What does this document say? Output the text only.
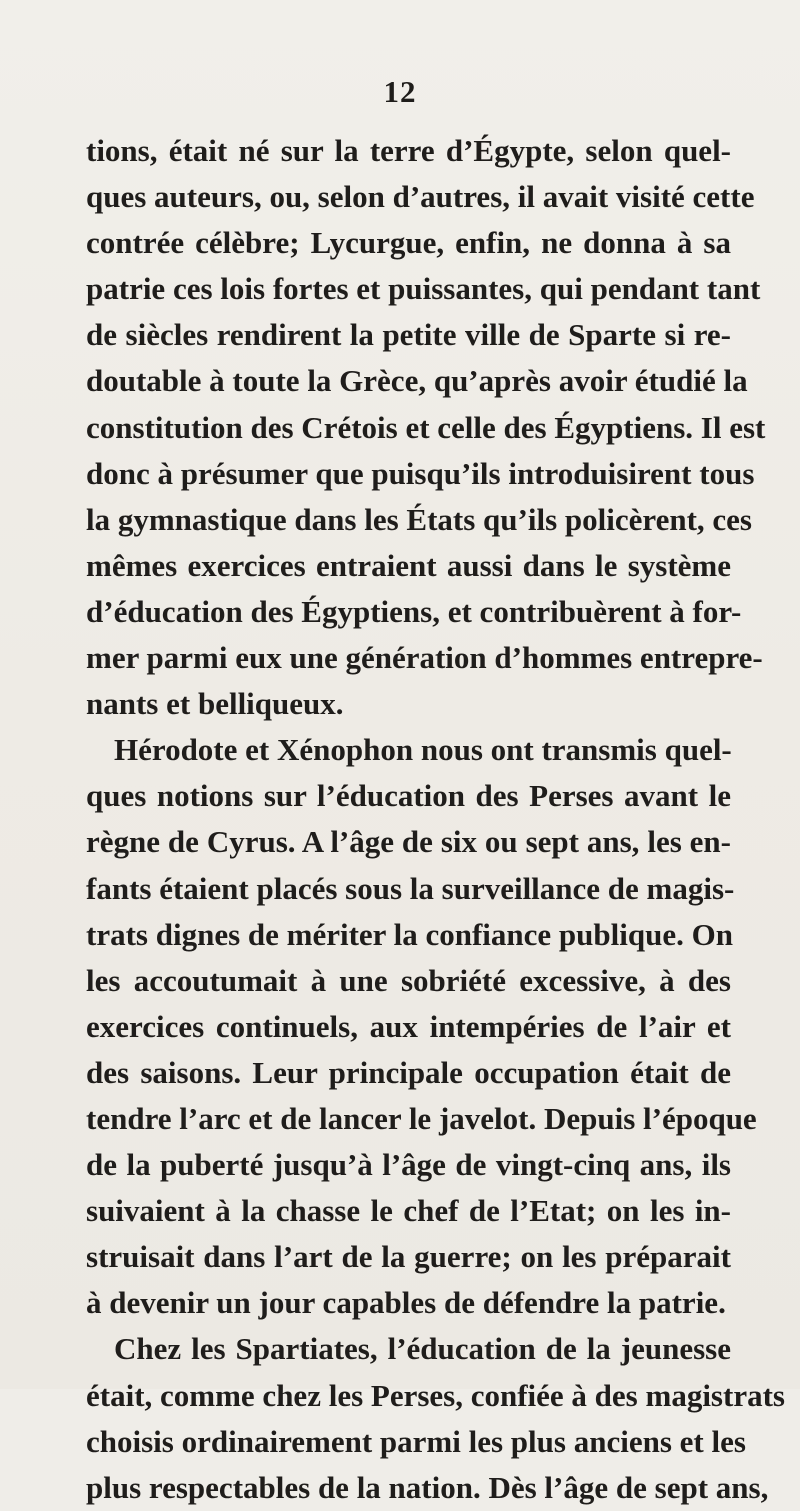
12
tions, était né sur la terre d’Égypte, selon quel-
ques auteurs, ou, selon d’autres, il avait visité cette
contrée célèbre; Lycurgue, enfin, ne donna à sa
patrie ces lois fortes et puissantes, qui pendant tant
de siècles rendirent la petite ville de Sparte si re-
doutable à toute la Grèce, qu’après avoir étudié la
constitution des Crétois et celle des Égyptiens. Il est
donc à présumer que puisqu’ils introduisirent tous
la gymnastique dans les États qu’ils policèrent, ces
mêmes exercices entraient aussi dans le système
d’éducation des Égyptiens, et contribuèrent à for-
mer parmi eux une génération d’hommes entrepre-
nants et belliqueux.
Hérodote et Xénophon nous ont transmis quel-
ques notions sur l’éducation des Perses avant le
règne de Cyrus. A l’âge de six ou sept ans, les en-
fants étaient placés sous la surveillance de magis-
trats dignes de mériter la confiance publique. On
les accoutumait à une sobriété excessive, à des
exercices continuels, aux intempéries de l’air et
des saisons. Leur principale occupation était de
tendre l’arc et de lancer le javelot. Depuis l’époque
de la puberté jusqu’à l’âge de vingt-cinq ans, ils
suivaient à la chasse le chef de l’Etat; on les in-
struisait dans l’art de la guerre; on les préparait
à devenir un jour capables de défendre la patrie.
Chez les Spartiates, l’éducation de la jeunesse
était, comme chez les Perses, confiée à des magistrats
choisis ordinairement parmi les plus anciens et les
plus respectables de la nation. Dès l’âge de sept ans,
